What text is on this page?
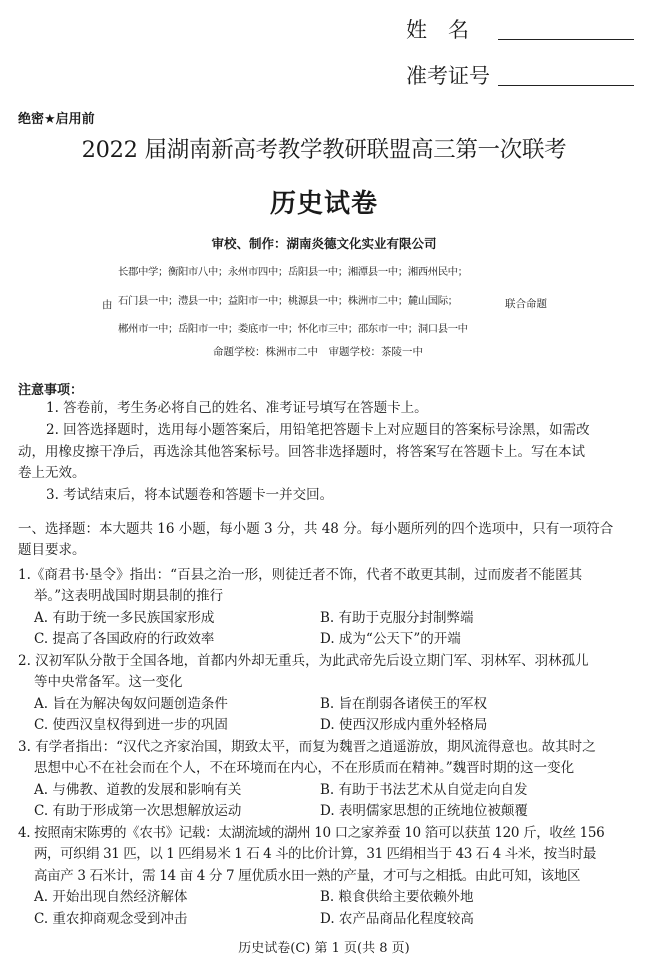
姓　名
准考证号
绝密★启用前
2022 届湖南新高考教学教研联盟高三第一次联考
历史试卷
审校、制作：湖南炎德文化实业有限公司
长郡中学；衡阳市八中；永州市四中；岳阳县一中；湘潭县一中；湘西州民中；
石门县一中；澧县一中；益阳市一中；桃源县一中；株洲市二中；麓山国际；
郴州市一中；岳阳市一中；娄底市一中；怀化市三中；邵东市一中；洞口县一中
由	联合命题
命题学校：株洲市二中　审题学校：茶陵一中
注意事项：
1. 答卷前，考生务必将自己的姓名、准考证号填写在答题卡上。
2. 回答选择题时，选用每小题答案后，用铅笔把答题卡上对应题目的答案标号涂黑，如需改
动，用橡皮擦干净后，再选涂其他答案标号。回答非选择题时，将答案写在答题卡上。写在本试
卷上无效。
3. 考试结束后，将本试题卷和答题卡一并交回。
一、选择题：本大题共 16 小题，每小题 3 分，共 48 分。每小题所列的四个选项中，只有一项符合
题目要求。
1.《商君书·垦令》指出：“百县之治一形，则徒迁者不饰，代者不敢更其制，过而废者不能匿其
举。”这表明战国时期县制的推行
A. 有助于统一多民族国家形成	B. 有助于克服分封制弊端
C. 提高了各国政府的行政效率	D. 成为“公天下”的开端
2. 汉初军队分散于全国各地，首都内外却无重兵，为此武帝先后设立期门军、羽林军、羽林孤儿
等中央常备军。这一变化
A. 旨在为解决匈奴问题创造条件	B. 旨在削弱各诸侯王的军权
C. 使西汉皇权得到进一步的巩固	D. 使西汉形成内重外轻格局
3. 有学者指出：“汉代之齐家治国，期致太平，而复为魏晋之逍遥游放，期风流得意也。故其时之
思想中心不在社会而在个人，不在环境而在内心，不在形质而在精神。”魏晋时期的这一变化
A. 与佛教、道教的发展和影响有关	B. 有助于书法艺术从自觉走向自发
C. 有助于形成第一次思想解放运动	D. 表明儒家思想的正统地位被颠覆
4. 按照南宋陈旉的《农书》记载：太湖流域的湖州 10 口之家养蚕 10 箔可以获茧 120 斤，收丝 156
两，可织绢 31 匹，以 1 匹绢易米 1 石 4 斗的比价计算，31 匹绢相当于 43 石 4 斗米，按当时最
高亩产 3 石米计，需 14 亩 4 分 7 厘优质水田一熟的产量，才可与之相抵。由此可知，该地区
A. 开始出现自然经济解体	B. 粮食供给主要依赖外地
C. 重农抑商观念受到冲击	D. 农产品商品化程度较高
历史试卷(C) 第 1 页(共 8 页)
